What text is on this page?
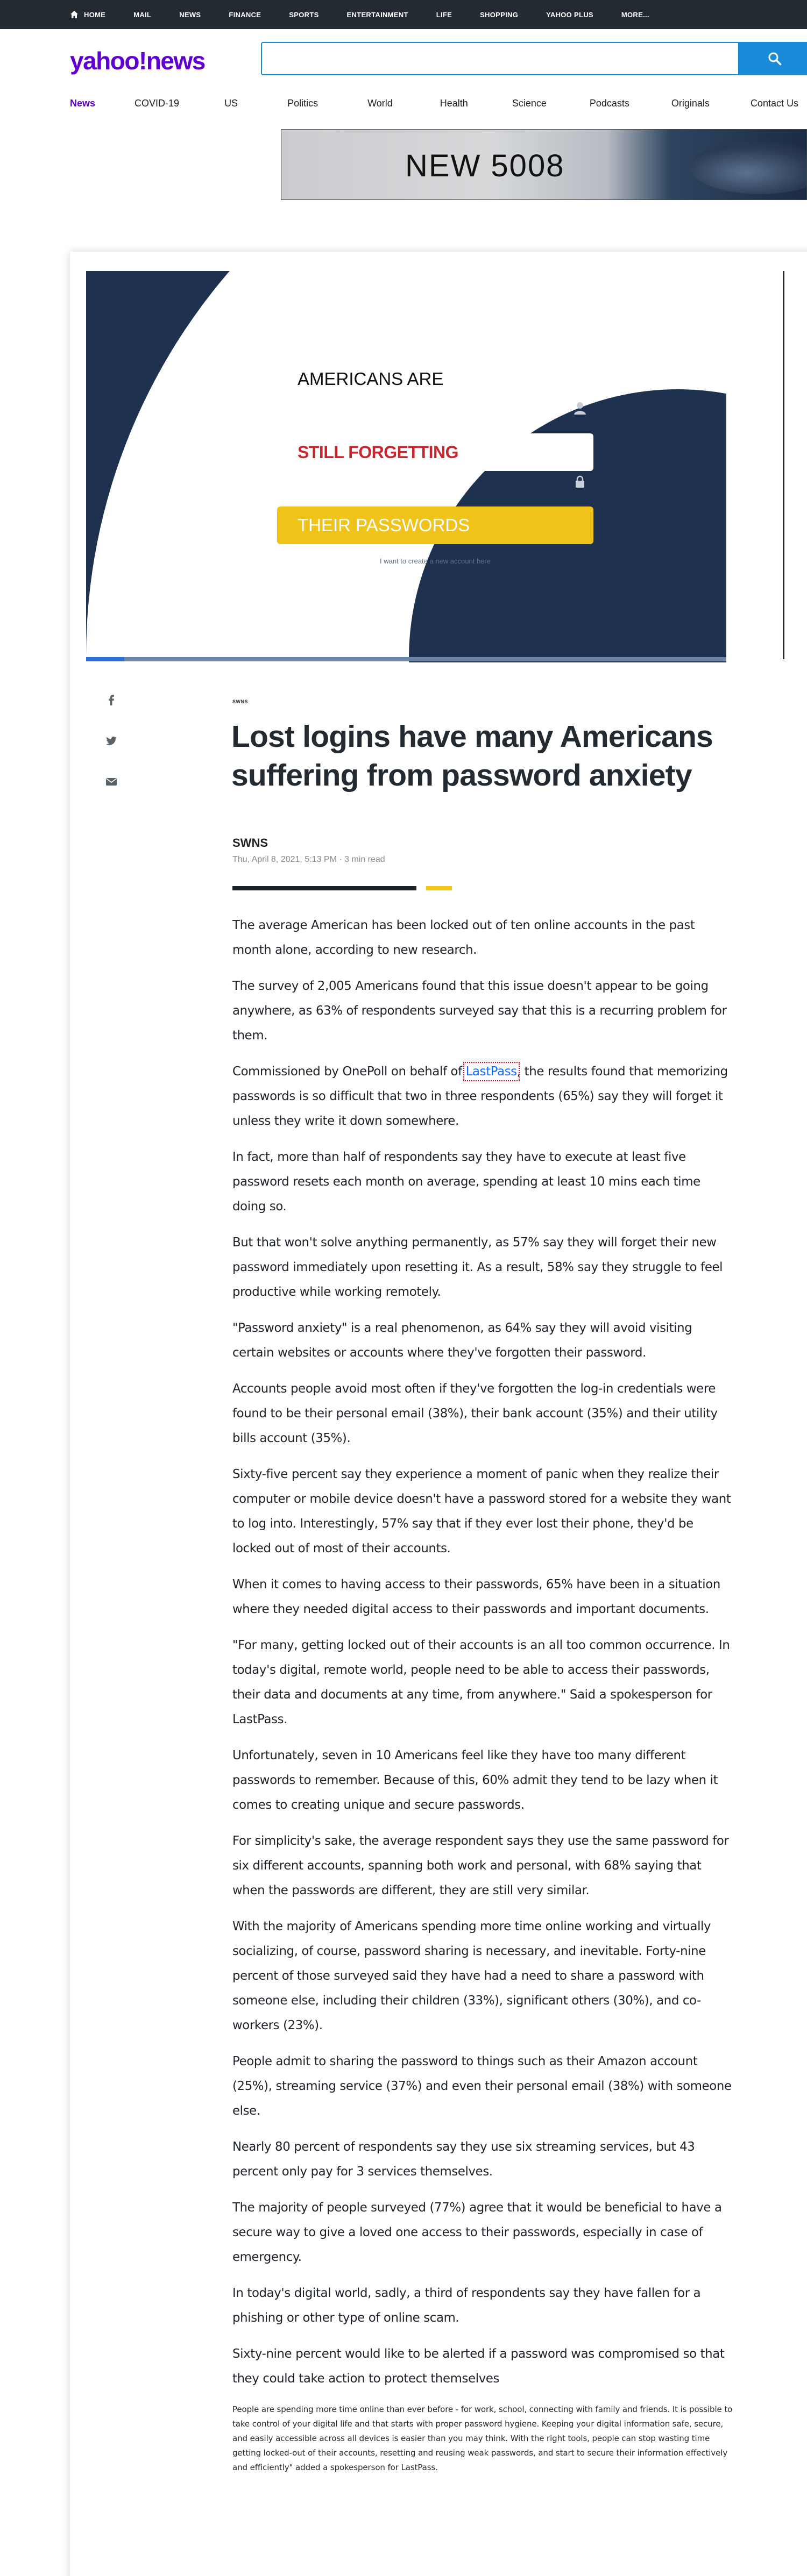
HOME	MAIL	NEWS	FINANCE	SPORTS	ENTERTAINMENT	LIFE	SHOPPING	YAHOO PLUS	MORE...
yahoo!news
News	COVID-19	US	Politics	World	Health	Science	Podcasts	Originals	Contact Us
NEW 5008
AMERICANS ARE
STILL FORGETTING
THEIR PASSWORDS
I want to create a new account here
SWNS
Lost logins have many Americans suffering from password anxiety
SWNS
Thu, April 8, 2021, 5:13 PM · 3 min read

The average American has been locked out of ten online accounts in the past month alone, according to new research.

The survey of 2,005 Americans found that this issue doesn't appear to be going anywhere, as 63% of respondents surveyed say that this is a recurring problem for them.

Commissioned by OnePoll on behalf of LastPass, the results found that memorizing passwords is so difficult that two in three respondents (65%) say they will forget it unless they write it down somewhere.

In fact, more than half of respondents say they have to execute at least five password resets each month on average, spending at least 10 mins each time doing so.

But that won't solve anything permanently, as 57% say they will forget their new password immediately upon resetting it. As a result, 58% say they struggle to feel productive while working remotely.

"Password anxiety" is a real phenomenon, as 64% say they will avoid visiting certain websites or accounts where they've forgotten their password.

Accounts people avoid most often if they've forgotten the log-in credentials were found to be their personal email (38%), their bank account (35%) and their utility bills account (35%).

Sixty-five percent say they experience a moment of panic when they realize their computer or mobile device doesn't have a password stored for a website they want to log into. Interestingly, 57% say that if they ever lost their phone, they'd be locked out of most of their accounts.

When it comes to having access to their passwords, 65% have been in a situation where they needed digital access to their passwords and important documents.

"For many, getting locked out of their accounts is an all too common occurrence. In today's digital, remote world, people need to be able to access their passwords, their data and documents at any time, from anywhere." Said a spokesperson for LastPass.

Unfortunately, seven in 10 Americans feel like they have too many different passwords to remember. Because of this, 60% admit they tend to be lazy when it comes to creating unique and secure passwords.

For simplicity's sake, the average respondent says they use the same password for six different accounts, spanning both work and personal, with 68% saying that when the passwords are different, they are still very similar.

With the majority of Americans spending more time online working and virtually socializing, of course, password sharing is necessary, and inevitable. Forty-nine percent of those surveyed said they have had a need to share a password with someone else, including their children (33%), significant others (30%), and co-workers (23%).

People admit to sharing the password to things such as their Amazon account (25%), streaming service (37%) and even their personal email (38%) with someone else.

Nearly 80 percent of respondents say they use six streaming services, but 43 percent only pay for 3 services themselves.

The majority of people surveyed (77%) agree that it would be beneficial to have a secure way to give a loved one access to their passwords, especially in case of emergency.

In today's digital world, sadly, a third of respondents say they have fallen for a phishing or other type of online scam.

Sixty-nine percent would like to be alerted if a password was compromised so that they could take action to protect themselves

People are spending more time online than ever before - for work, school, connecting with family and friends. It is possible to take control of your digital life and that starts with proper password hygiene. Keeping your digital information safe, secure, and easily accessible across all devices is easier than you may think. With the right tools, people can stop wasting time getting locked-out of their accounts, resetting and reusing weak passwords, and start to secure their information effectively and efficiently" added a spokesperson for LastPass.
